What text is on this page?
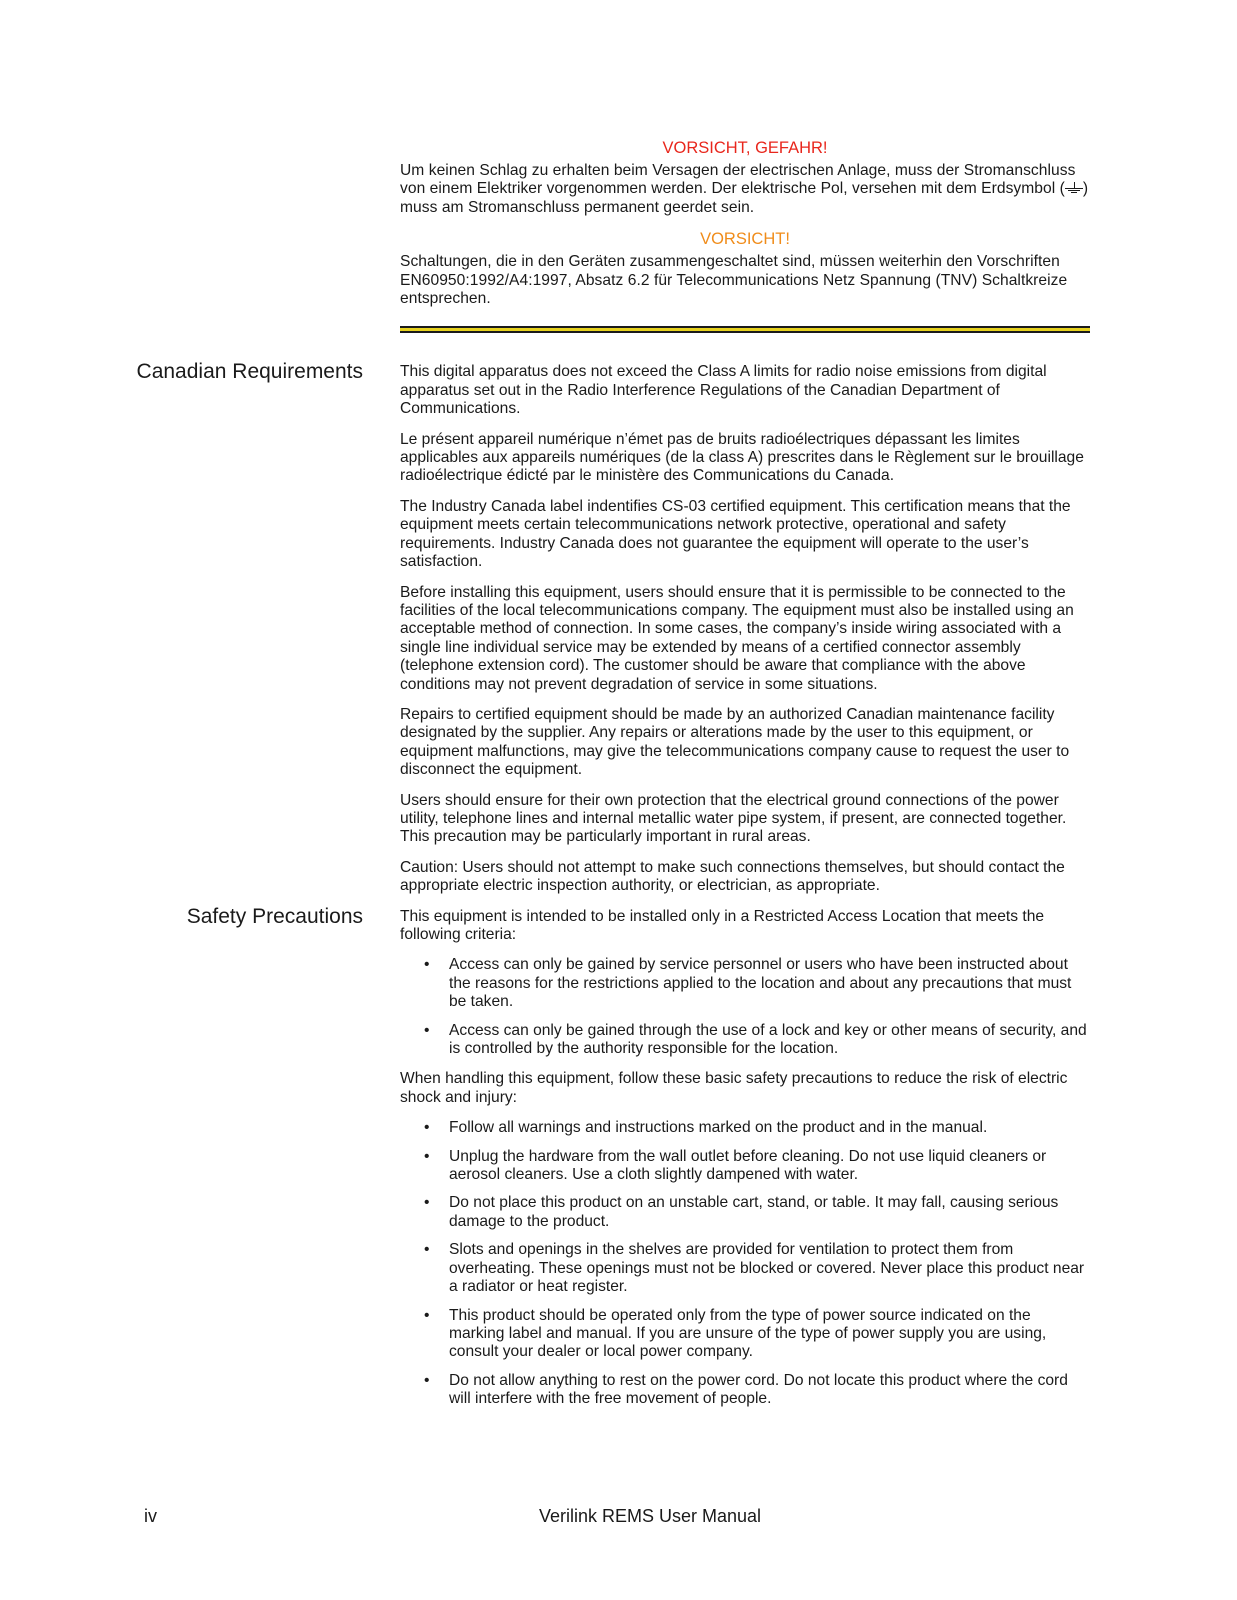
VORSICHT, GEFAHR!

Um keinen Schlag zu erhalten beim Versagen der electrischen Anlage, muss der Stromanschluss von einem Elektriker vorgenommen werden. Der elektrische Pol, versehen mit dem Erdsymbol ( ) muss am Stromanschluss permanent geerdet sein.

VORSICHT!

Schaltungen, die in den Geräten zusammengeschaltet sind, müssen weiterhin den Vorschriften EN60950:1992/A4:1997, Absatz 6.2 für Telecommunications Netz Spannung (TNV) Schaltkreize entsprechen.

Canadian Requirements This digital apparatus does not exceed the Class A limits for radio noise emissions from digital apparatus set out in the Radio Interference Regulations of the Canadian Department of Communications.

Le présent appareil numérique n’émet pas de bruits radioélectriques dépassant les limites applicables aux appareils numériques (de la class A) prescrites dans le Règlement sur le brouillage radioélectrique édicté par le ministère des Communications du Canada.

The Industry Canada label indentifies CS-03 certified equipment. This certification means that the equipment meets certain telecommunications network protective, operational and safety requirements. Industry Canada does not guarantee the equipment will operate to the user’s satisfaction.

Before installing this equipment, users should ensure that it is permissible to be connected to the facilities of the local telecommunications company. The equipment must also be installed using an acceptable method of connection. In some cases, the company’s inside wiring associated with a single line individual service may be extended by means of a certified connector assembly (telephone extension cord). The customer should be aware that compliance with the above conditions may not prevent degradation of service in some situations.

Repairs to certified equipment should be made by an authorized Canadian maintenance facility designated by the supplier. Any repairs or alterations made by the user to this equipment, or equipment malfunctions, may give the telecommunications company cause to request the user to disconnect the equipment.

Users should ensure for their own protection that the electrical ground connections of the power utility, telephone lines and internal metallic water pipe system, if present, are connected together. This precaution may be particularly important in rural areas.

Caution: Users should not attempt to make such connections themselves, but should contact the appropriate electric inspection authority, or electrician, as appropriate.

Safety Precautions This equipment is intended to be installed only in a Restricted Access Location that meets the following criteria:

• Access can only be gained by service personnel or users who have been instructed about the reasons for the restrictions applied to the location and about any precautions that must be taken.
• Access can only be gained through the use of a lock and key or other means of security, and is controlled by the authority responsible for the location.

When handling this equipment, follow these basic safety precautions to reduce the risk of electric shock and injury:

• Follow all warnings and instructions marked on the product and in the manual.
• Unplug the hardware from the wall outlet before cleaning. Do not use liquid cleaners or aerosol cleaners. Use a cloth slightly dampened with water.
• Do not place this product on an unstable cart, stand, or table. It may fall, causing serious damage to the product.
• Slots and openings in the shelves are provided for ventilation to protect them from overheating. These openings must not be blocked or covered. Never place this product near a radiator or heat register.
• This product should be operated only from the type of power source indicated on the marking label and manual. If you are unsure of the type of power supply you are using, consult your dealer or local power company.
• Do not allow anything to rest on the power cord. Do not locate this product where the cord will interfere with the free movement of people.
iv	Verilink REMS User Manual
